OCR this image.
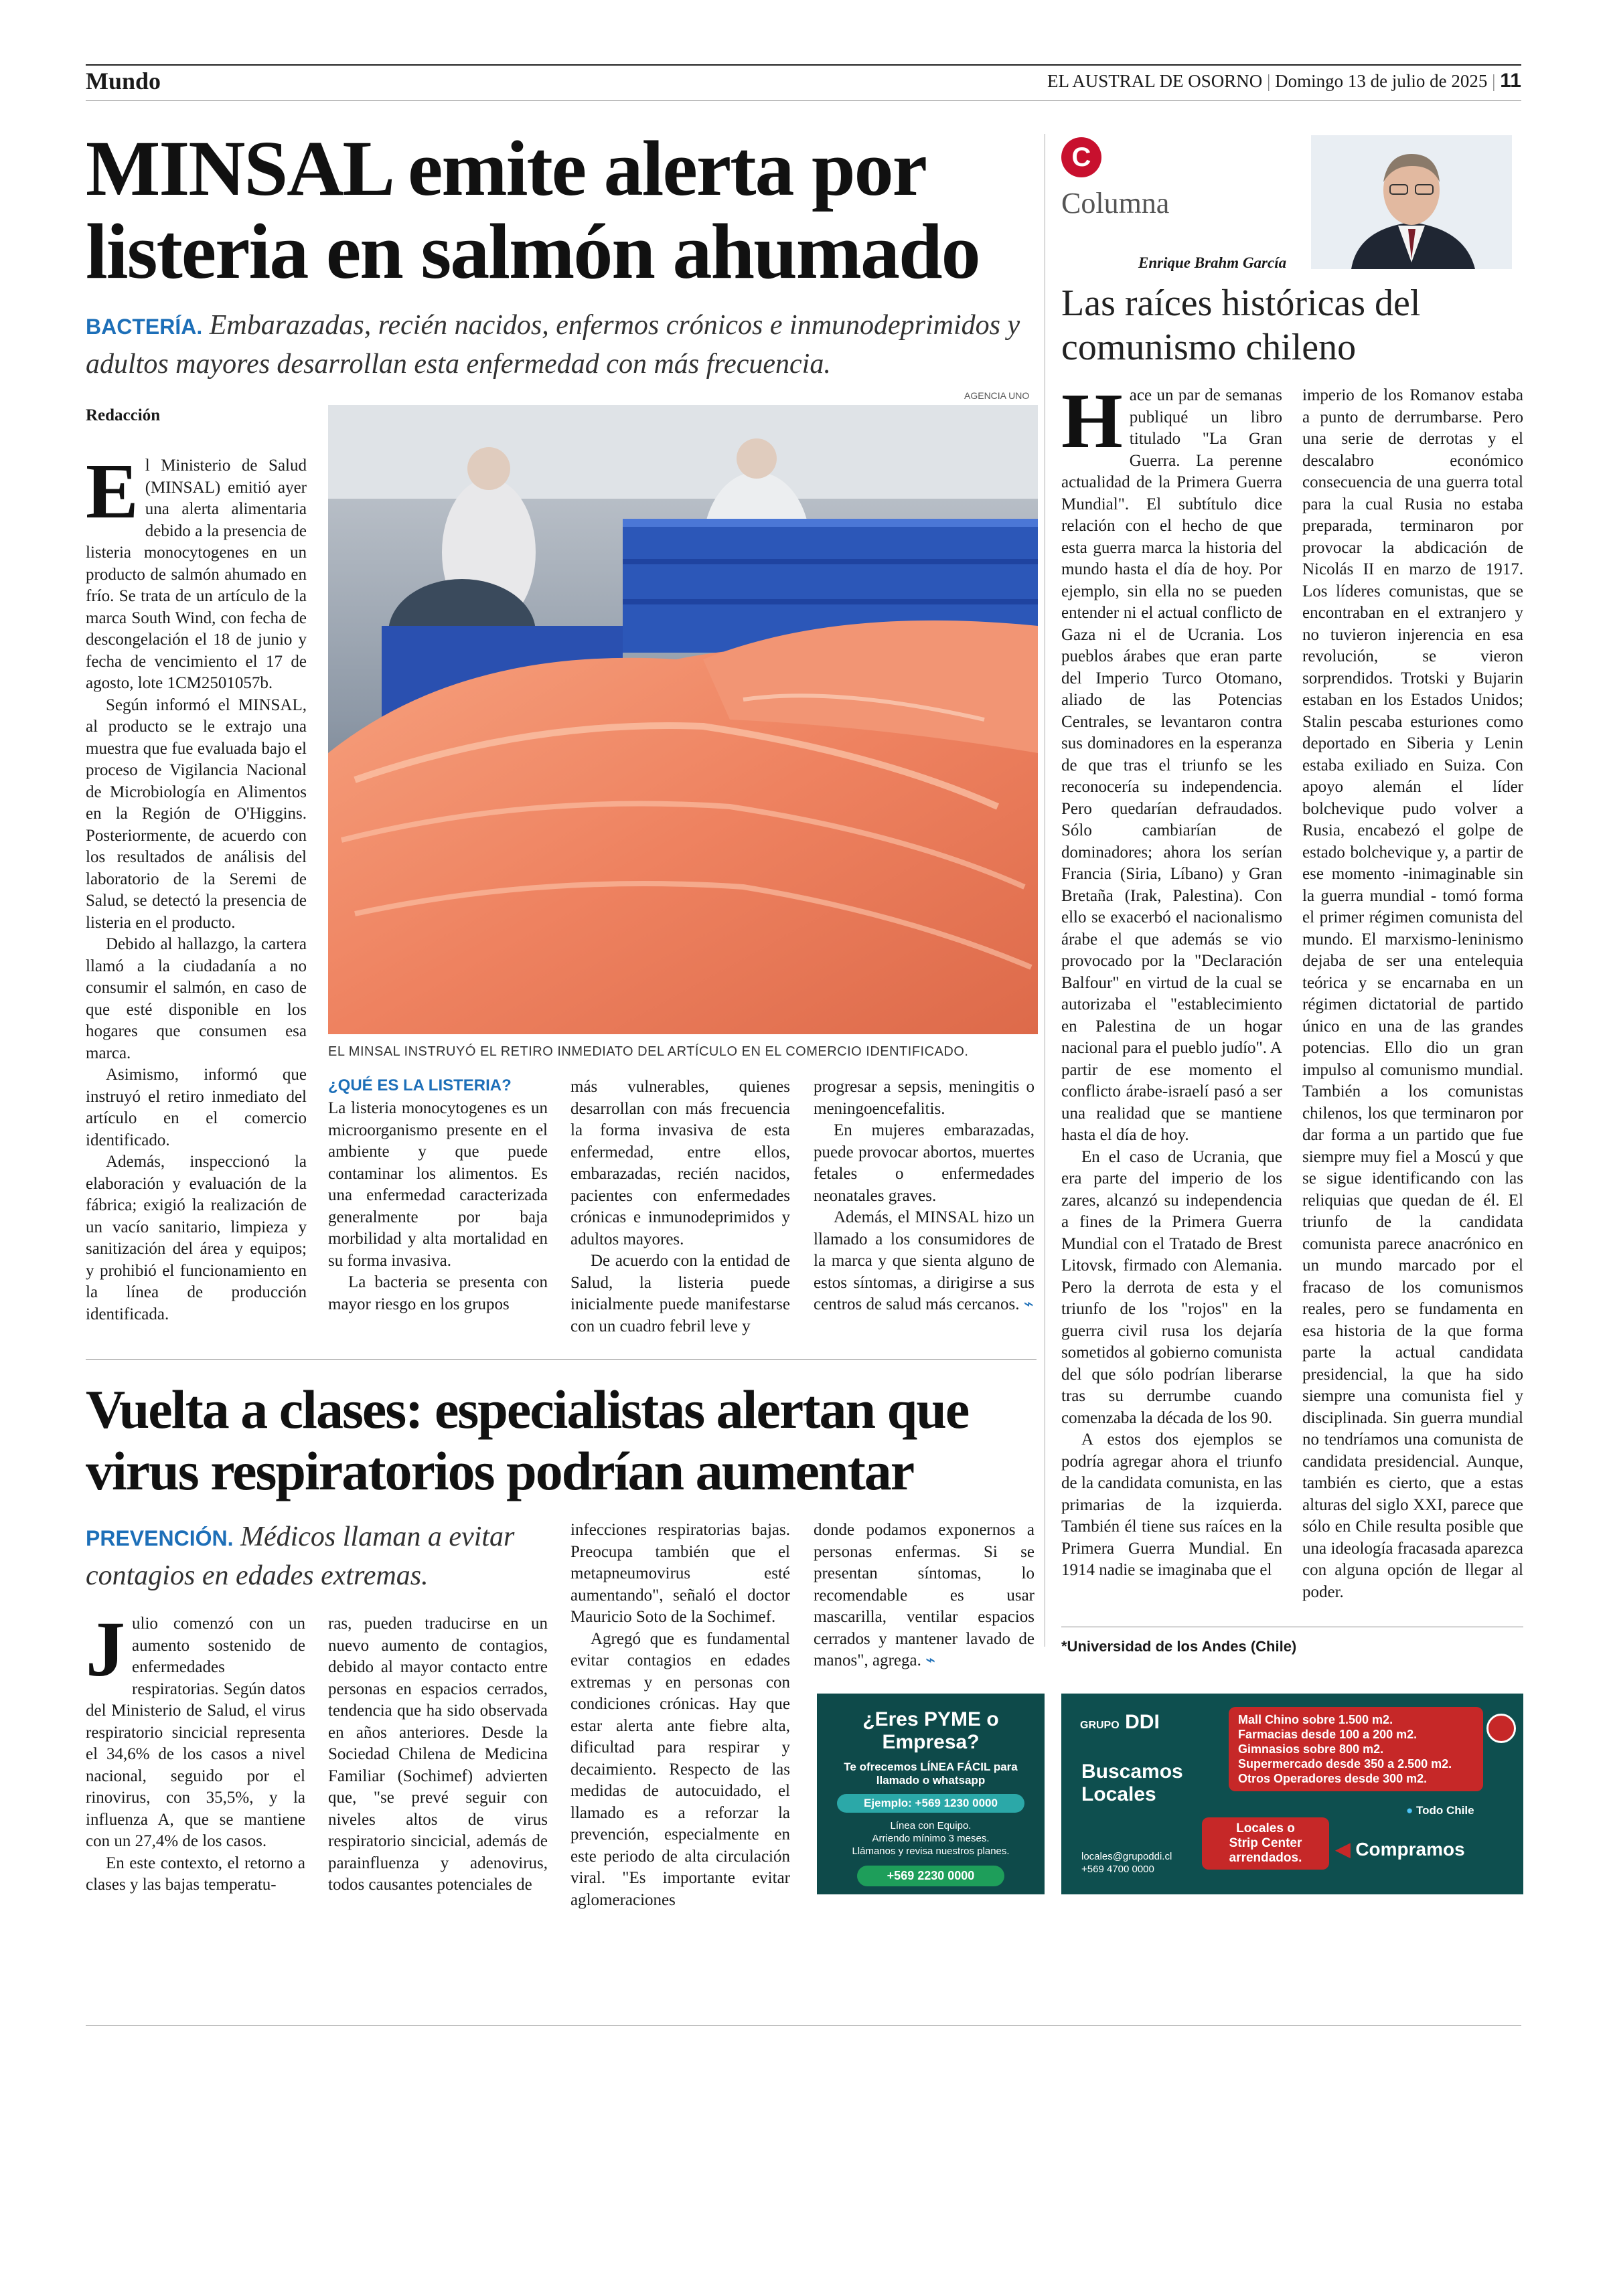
Mundo	EL AUSTRAL DE OSORNO | Domingo 13 de julio de 2025 | 11
MINSAL emite alerta por
listeria en salmón ahumado
BACTERÍA. Embarazadas, recién nacidos, enfermos crónicos e inmunodeprimidos y adultos mayores desarrollan esta enfermedad con más frecuencia.
Redacción

El Ministerio de Salud (MINSAL) emitió ayer una alerta alimentaria debido a la presencia de listeria monocytogenes en un producto de salmón ahumado en frío. Se trata de un artículo de la marca South Wind, con fecha de descongelación el 18 de junio y fecha de vencimiento el 17 de agosto, lote 1CM2501057b.

Según informó el MINSAL, al producto se le extrajo una muestra que fue evaluada bajo el proceso de Vigilancia Nacional de Microbiología en Alimentos en la Región de O'Higgins. Posteriormente, de acuerdo con los resultados de análisis del laboratorio de la Seremi de Salud, se detectó la presencia de listeria en el producto.

Debido al hallazgo, la cartera llamó a la ciudadanía a no consumir el salmón, en caso de que esté disponible en los hogares que consumen esa marca.

Asimismo, informó que instruyó el retiro inmediato del artículo en el comercio identificado.

Además, inspeccionó la elaboración y evaluación de la fábrica; exigió la realización de un vacío sanitario, limpieza y sanitización del área y equipos; y prohibió el funcionamiento en la línea de producción identificada.

AGENCIA UNO
EL MINSAL INSTRUYÓ EL RETIRO INMEDIATO DEL ARTÍCULO EN EL COMERCIO IDENTIFICADO.
¿QUÉ ES LA LISTERIA?

La listeria monocytogenes es un microorganismo presente en el ambiente y que puede contaminar los alimentos. Es una enfermedad caracterizada generalmente por baja morbilidad y alta mortalidad en su forma invasiva.

La bacteria se presenta con mayor riesgo en los grupos

más vulnerables, quienes desarrollan con más frecuencia la forma invasiva de esta enfermedad, entre ellos, embarazadas, recién nacidos, pacientes con enfermedades crónicas e inmunodeprimidos y adultos mayores.

De acuerdo con la entidad de Salud, la listeria puede inicialmente puede manifestarse con un cuadro febril leve y

progresar a sepsis, meningitis o meningoencefalitis.

En mujeres embarazadas, puede provocar abortos, muertes fetales o enfermedades neonatales graves.

Además, el MINSAL hizo un llamado a los consumidores de la marca y que sienta alguno de estos síntomas, a dirigirse a sus centros de salud más cercanos. ⌁

Vuelta a clases: especialistas alertan que
virus respiratorios podrían aumentar
PREVENCIÓN. Médicos llaman a evitar contagios en edades extremas.

Julio comenzó con un aumento sostenido de enfermedades respiratorias. Según datos del Ministerio de Salud, el virus respiratorio sincicial representa el 34,6% de los casos a nivel nacional, seguido por el rinovirus, con 35,5%, y la influenza A, que se mantiene con un 27,4% de los casos.

En este contexto, el retorno a clases y las bajas temperatu-

ras, pueden traducirse en un nuevo aumento de contagios, debido al mayor contacto entre personas en espacios cerrados, tendencia que ha sido observada en años anteriores. Desde la Sociedad Chilena de Medicina Familiar (Sochimef) advierten que, "se prevé seguir con niveles altos de virus respiratorio sincicial, además de parainfluenza y adenovirus, todos causantes potenciales de

infecciones respiratorias bajas. Preocupa también que el metapneumovirus esté aumentando", señaló el doctor Mauricio Soto de la Sochimef.

Agregó que es fundamental evitar contagios en edades extremas y en personas con condiciones crónicas. Hay que estar alerta ante fiebre alta, dificultad para respirar y decaimiento. Respecto de las medidas de autocuidado, el llamado es a reforzar la prevención, especialmente en este periodo de alta circulación viral. "Es importante evitar aglomeraciones

donde podamos exponernos a personas enfermas. Si se presentan síntomas, lo recomendable es usar mascarilla, ventilar espacios cerrados y mantener lavado de manos", agrega. ⌁

C
Columna
Enrique Brahm García
Las raíces históricas del comunismo chileno

Hace un par de semanas publiqué un libro titulado "La Gran Guerra. La perenne actualidad de la Primera Guerra Mundial". El subtítulo dice relación con el hecho de que esta guerra marca la historia del mundo hasta el día de hoy. Por ejemplo, sin ella no se pueden entender ni el actual conflicto de Gaza ni el de Ucrania. Los pueblos árabes que eran parte del Imperio Turco Otomano, aliado de las Potencias Centrales, se levantaron contra sus dominadores en la esperanza de que tras el triunfo se les reconocería su independencia. Pero quedarían defraudados. Sólo cambiarían de dominadores; ahora los serían Francia (Siria, Líbano) y Gran Bretaña (Irak, Palestina). Con ello se exacerbó el nacionalismo árabe el que además se vio provocado por la "Declaración Balfour" en virtud de la cual se autorizaba el "establecimiento en Palestina de un hogar nacional para el pueblo judío". A partir de ese momento el conflicto árabe-israelí pasó a ser una realidad que se mantiene hasta el día de hoy.

En el caso de Ucrania, que era parte del imperio de los zares, alcanzó su independencia a fines de la Primera Guerra Mundial con el Tratado de Brest Litovsk, firmado con Alemania. Pero la derrota de esta y el triunfo de los "rojos" en la guerra civil rusa los dejaría sometidos al gobierno comunista del que sólo podrían liberarse tras su derrumbe cuando comenzaba la década de los 90.

A estos dos ejemplos se podría agregar ahora el triunfo de la candidata comunista, en las primarias de la izquierda. También él tiene sus raíces en la Primera Guerra Mundial. En 1914 nadie se imaginaba que el

imperio de los Romanov estaba a punto de derrumbarse. Pero una serie de derrotas y el descalabro económico consecuencia de una guerra total para la cual Rusia no estaba preparada, terminaron por provocar la abdicación de Nicolás II en marzo de 1917. Los líderes comunistas, que se encontraban en el extranjero y no tuvieron injerencia en esa revolución, se vieron sorprendidos. Trotski y Bujarin estaban en los Estados Unidos; Stalin pescaba esturiones como deportado en Siberia y Lenin estaba exiliado en Suiza. Con apoyo alemán el líder bolchevique pudo volver a Rusia, encabezó el golpe de estado bolchevique y, a partir de ese momento -inimaginable sin la guerra mundial - tomó forma el primer régimen comunista del mundo. El marxismo-leninismo dejaba de ser una entelequia teórica y se encarnaba en un régimen dictatorial de partido único en una de las grandes potencias. Ello dio un gran impulso al comunismo mundial. También a los comunistas chilenos, los que terminaron por dar forma a un partido que fue siempre muy fiel a Moscú y que se sigue identificando con las reliquias que quedan de él. El triunfo de la candidata comunista parece anacrónico en un mundo marcado por el fracaso de los comunismos reales, pero se fundamenta en esa historia de la que forma parte la actual candidata presidencial, la que ha sido siempre una comunista fiel y disciplinada. Sin guerra mundial no tendríamos una comunista de candidata presidencial. Aunque, también es cierto, que a estas alturas del siglo XXI, parece que sólo en Chile resulta posible que una ideología fracasada aparezca con alguna opción de llegar al poder.

*Universidad de los Andes (Chile)
¿Eres PYME o
Empresa?
Te ofrecemos LÍNEA FÁCIL para llamado o whatsapp
Ejemplo: +569 1230 0000
Línea con Equipo.
Arriendo mínimo 3 meses.
Llámanos y revisa nuestros planes.
+569 2230 0000
GRUPO DDI
Buscamos
Locales
Mall Chino sobre 1.500 m2.
Farmacias desde 100 a 200 m2.
Gimnasios sobre 800 m2.
Supermercado desde 350 a 2.500 m2.
Otros Operadores desde 300 m2.
● Todo Chile
Locales o
Strip Center
arrendados.	◀ Compramos
locales@grupoddi.cl
+569 4700 0000
